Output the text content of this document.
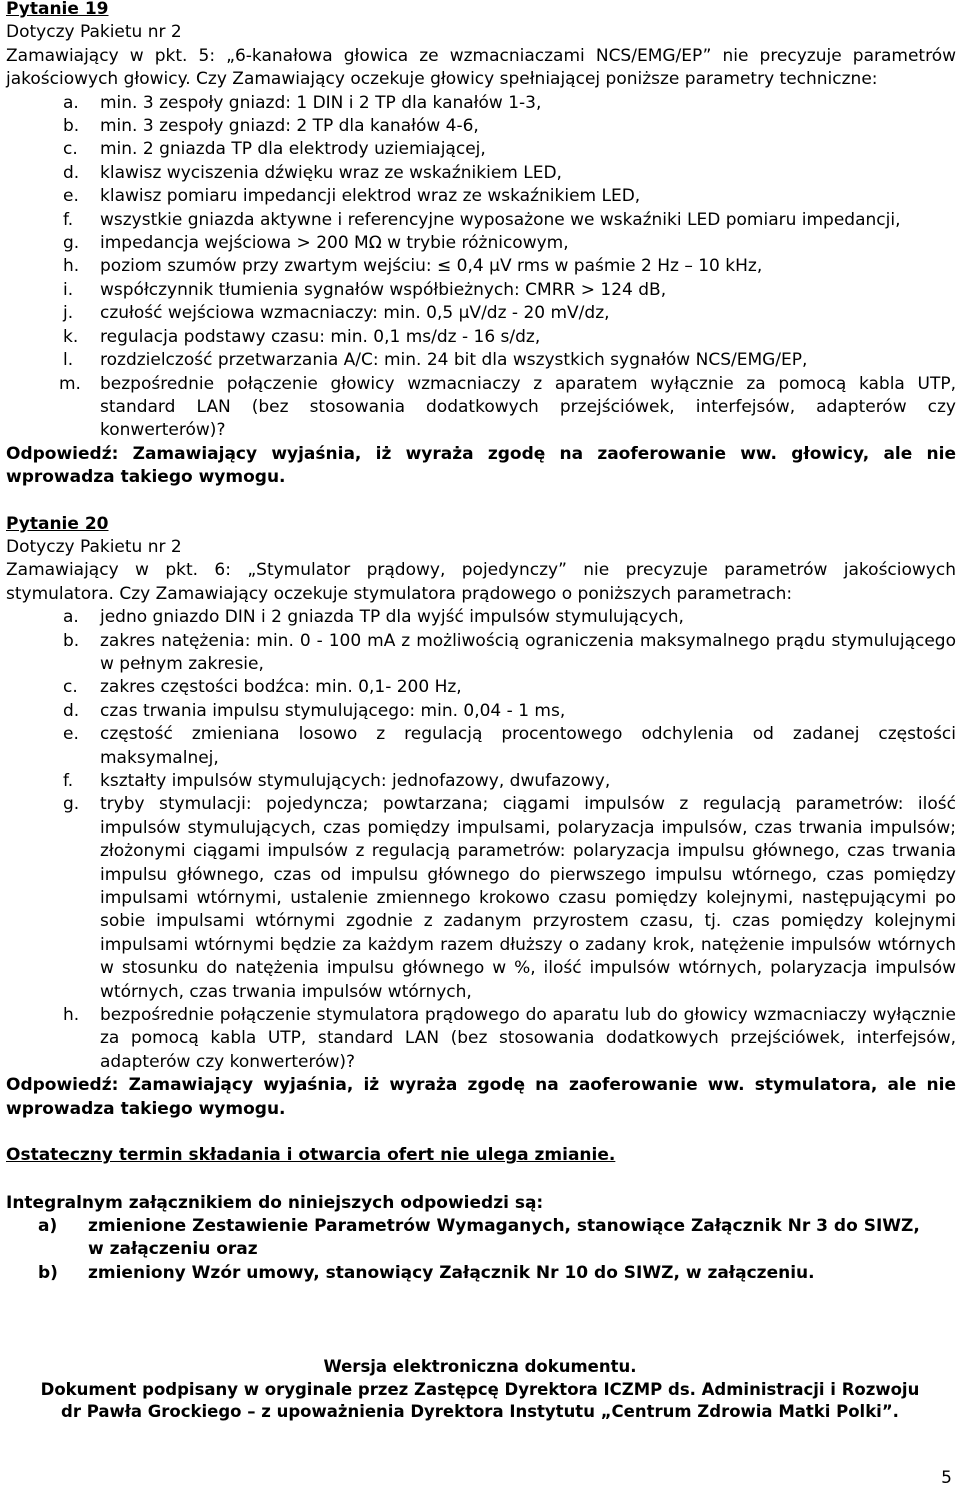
Pytanie 19
Dotyczy Pakietu nr 2
Zamawiający w pkt. 5: „6-kanałowa głowica ze wzmacniaczami NCS/EMG/EP” nie precyzuje parametrów
jakościowych głowicy. Czy Zamawiający oczekuje głowicy spełniającej poniższe parametry techniczne:
a.	min. 3 zespoły gniazd: 1 DIN i 2 TP dla kanałów 1-3,
b.	min. 3 zespoły gniazd: 2 TP dla kanałów 4-6,
c.	min. 2 gniazda TP dla elektrody uziemiającej,
d.	klawisz wyciszenia dźwięku wraz ze wskaźnikiem LED,
e.	klawisz pomiaru impedancji elektrod wraz ze wskaźnikiem LED,
f.	wszystkie gniazda aktywne i referencyjne wyposażone we wskaźniki LED pomiaru impedancji,
g.	impedancja wejściowa > 200 MΩ w trybie różnicowym,
h.	poziom szumów przy zwartym wejściu: ≤ 0,4 µV rms w paśmie 2 Hz – 10 kHz,
i.	współczynnik tłumienia sygnałów współbieżnych: CMRR > 124 dB,
j.	czułość wejściowa wzmacniaczy: min. 0,5 µV/dz - 20 mV/dz,
k.	regulacja podstawy czasu: min. 0,1 ms/dz - 16 s/dz,
l.	rozdzielczość przetwarzania A/C: min. 24 bit dla wszystkich sygnałów NCS/EMG/EP,
m.	bezpośrednie połączenie głowicy wzmacniaczy z aparatem wyłącznie za pomocą kabla UTP,
standard LAN (bez stosowania dodatkowych przejściówek, interfejsów, adapterów czy
konwerterów)?
Odpowiedź: Zamawiający wyjaśnia, iż wyraża zgodę na zaoferowanie ww. głowicy, ale nie
wprowadza takiego wymogu.
Pytanie 20
Dotyczy Pakietu nr 2
Zamawiający w pkt. 6: „Stymulator prądowy, pojedynczy” nie precyzuje parametrów jakościowych
stymulatora. Czy Zamawiający oczekuje stymulatora prądowego o poniższych parametrach:
a.	jedno gniazdo DIN i 2 gniazda TP dla wyjść impulsów stymulujących,
b.	zakres natężenia: min. 0 - 100 mA z możliwością ograniczenia maksymalnego prądu stymulującego
w pełnym zakresie,
c.	zakres częstości bodźca: min. 0,1- 200 Hz,
d.	czas trwania impulsu stymulującego: min. 0,04 - 1 ms,
e.	częstość zmieniana losowo z regulacją procentowego odchylenia od zadanej częstości
maksymalnej,
f.	kształty impulsów stymulujących: jednofazowy, dwufazowy,
g.	tryby stymulacji: pojedyncza; powtarzana; ciągami impulsów z regulacją parametrów: ilość
impulsów stymulujących, czas pomiędzy impulsami, polaryzacja impulsów, czas trwania impulsów;
złożonymi ciągami impulsów z regulacją parametrów: polaryzacja impulsu głównego, czas trwania
impulsu głównego, czas od impulsu głównego do pierwszego impulsu wtórnego, czas pomiędzy
impulsami wtórnymi, ustalenie zmiennego krokowo czasu pomiędzy kolejnymi, następującymi po
sobie impulsami wtórnymi zgodnie z zadanym przyrostem czasu, tj. czas pomiędzy kolejnymi
impulsami wtórnymi będzie za każdym razem dłuższy o zadany krok, natężenie impulsów wtórnych
w stosunku do natężenia impulsu głównego w %, ilość impulsów wtórnych, polaryzacja impulsów
wtórnych, czas trwania impulsów wtórnych,
h.	bezpośrednie połączenie stymulatora prądowego do aparatu lub do głowicy wzmacniaczy wyłącznie
za pomocą kabla UTP, standard LAN (bez stosowania dodatkowych przejściówek, interfejsów,
adapterów czy konwerterów)?
Odpowiedź: Zamawiający wyjaśnia, iż wyraża zgodę na zaoferowanie ww. stymulatora, ale nie
wprowadza takiego wymogu.
Ostateczny termin składania i otwarcia ofert nie ulega zmianie.
Integralnym załącznikiem do niniejszych odpowiedzi są:
a)	zmienione Zestawienie Parametrów Wymaganych, stanowiące Załącznik Nr 3 do SIWZ,
w załączeniu oraz
b)	zmieniony Wzór umowy, stanowiący Załącznik Nr 10 do SIWZ, w załączeniu.
Wersja elektroniczna dokumentu.
Dokument podpisany w oryginale przez Zastępcę Dyrektora ICZMP ds. Administracji i Rozwoju
dr Pawła Grockiego – z upoważnienia Dyrektora Instytutu „Centrum Zdrowia Matki Polki”.
5
